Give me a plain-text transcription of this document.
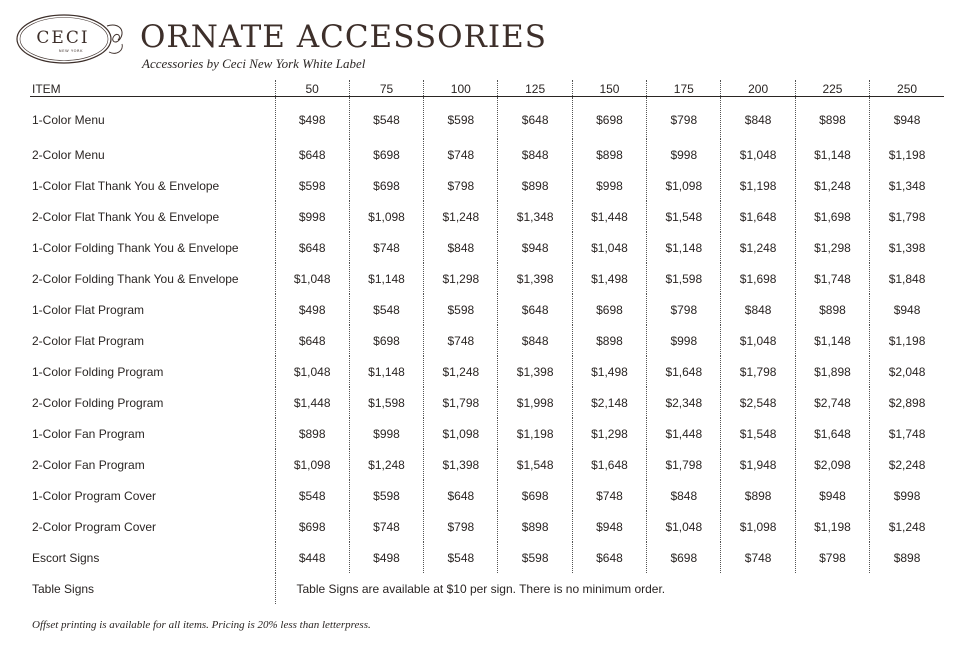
CECI
NEW YORK ORNATE ACCESSORIES
Accessories by Ceci New York White Label
ITEM	50	75	100	125	150	175	200	225	250
1-Color Menu	$498	$548	$598	$648	$698	$798	$848	$898	$948
2-Color Menu	$648	$698	$748	$848	$898	$998	$1,048	$1,148	$1,198
1-Color Flat Thank You & Envelope	$598	$698	$798	$898	$998	$1,098	$1,198	$1,248	$1,348
2-Color Flat Thank You & Envelope	$998	$1,098	$1,248	$1,348	$1,448	$1,548	$1,648	$1,698	$1,798
1-Color Folding Thank You & Envelope	$648	$748	$848	$948	$1,048	$1,148	$1,248	$1,298	$1,398
2-Color Folding Thank You & Envelope	$1,048	$1,148	$1,298	$1,398	$1,498	$1,598	$1,698	$1,748	$1,848
1-Color Flat Program	$498	$548	$598	$648	$698	$798	$848	$898	$948
2-Color Flat Program	$648	$698	$748	$848	$898	$998	$1,048	$1,148	$1,198
1-Color Folding Program	$1,048	$1,148	$1,248	$1,398	$1,498	$1,648	$1,798	$1,898	$2,048
2-Color Folding Program	$1,448	$1,598	$1,798	$1,998	$2,148	$2,348	$2,548	$2,748	$2,898
1-Color Fan Program	$898	$998	$1,098	$1,198	$1,298	$1,448	$1,548	$1,648	$1,748
2-Color Fan Program	$1,098	$1,248	$1,398	$1,548	$1,648	$1,798	$1,948	$2,098	$2,248
1-Color Program Cover	$548	$598	$648	$698	$748	$848	$898	$948	$998
2-Color Program Cover	$698	$748	$798	$898	$948	$1,048	$1,098	$1,198	$1,248
Escort Signs	$448	$498	$548	$598	$648	$698	$748	$798	$898
Table Signs	Table Signs are available at $10 per sign. There is no minimum order.								
Offset printing is available for all items. Pricing is 20% less than letterpress.
